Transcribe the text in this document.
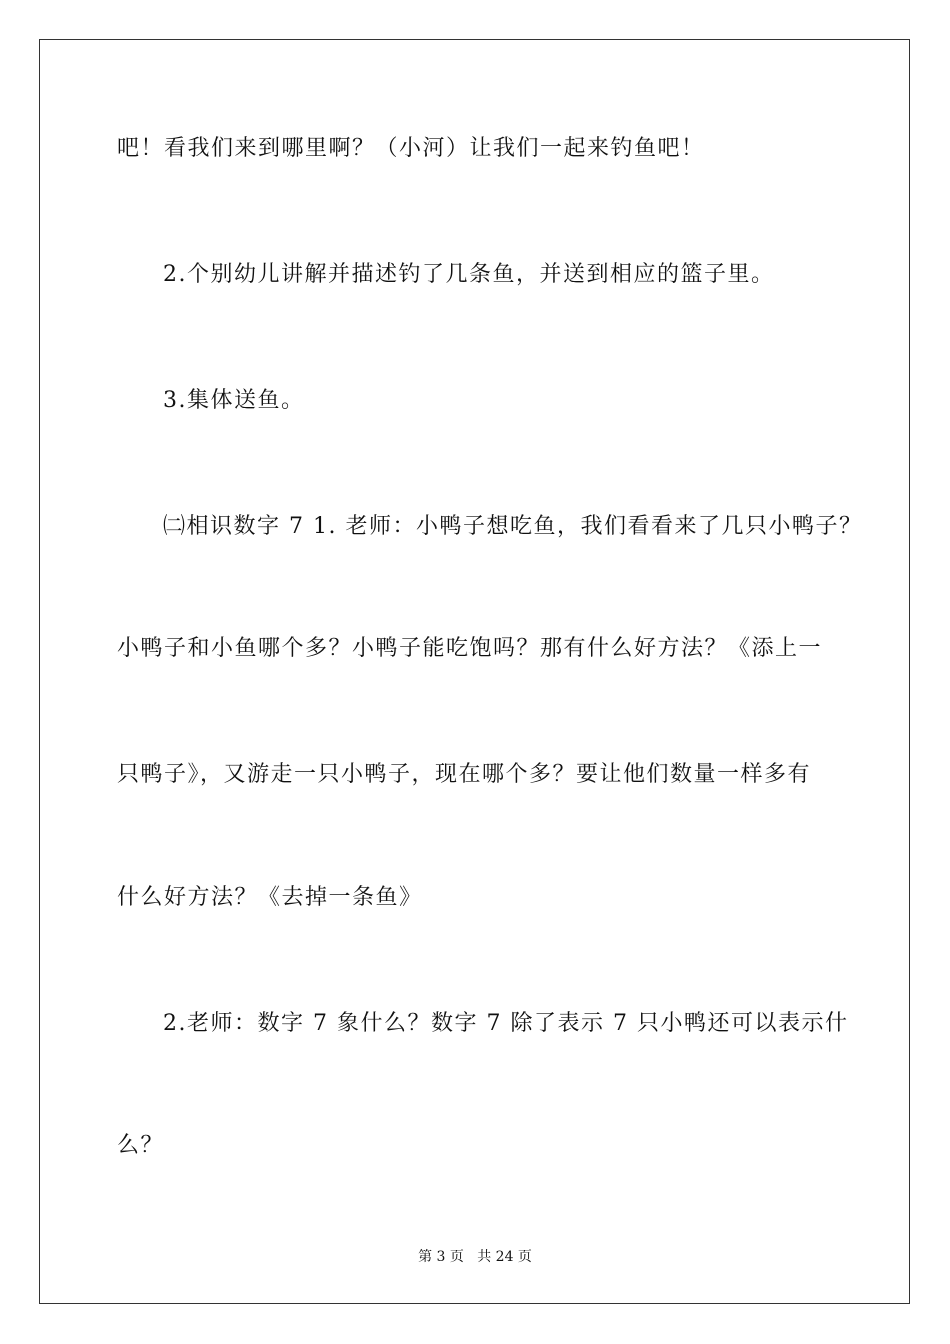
吧！看我们来到哪里啊？（小河）让我们一起来钓鱼吧！
2.个别幼儿讲解并描述钓了几条鱼，并送到相应的篮子里。
3.集体送鱼。
㈡相识数字 7 1. 老师：小鸭子想吃鱼，我们看看来了几只小鸭子？
小鸭子和小鱼哪个多？小鸭子能吃饱吗？那有什么好方法？《添上一
只鸭子》，又游走一只小鸭子，现在哪个多？要让他们数量一样多有
什么好方法？《去掉一条鱼》
2.老师：数字 7 象什么？数字 7 除了表示 7 只小鸭还可以表示什
么？
第 3 页   共 24 页
